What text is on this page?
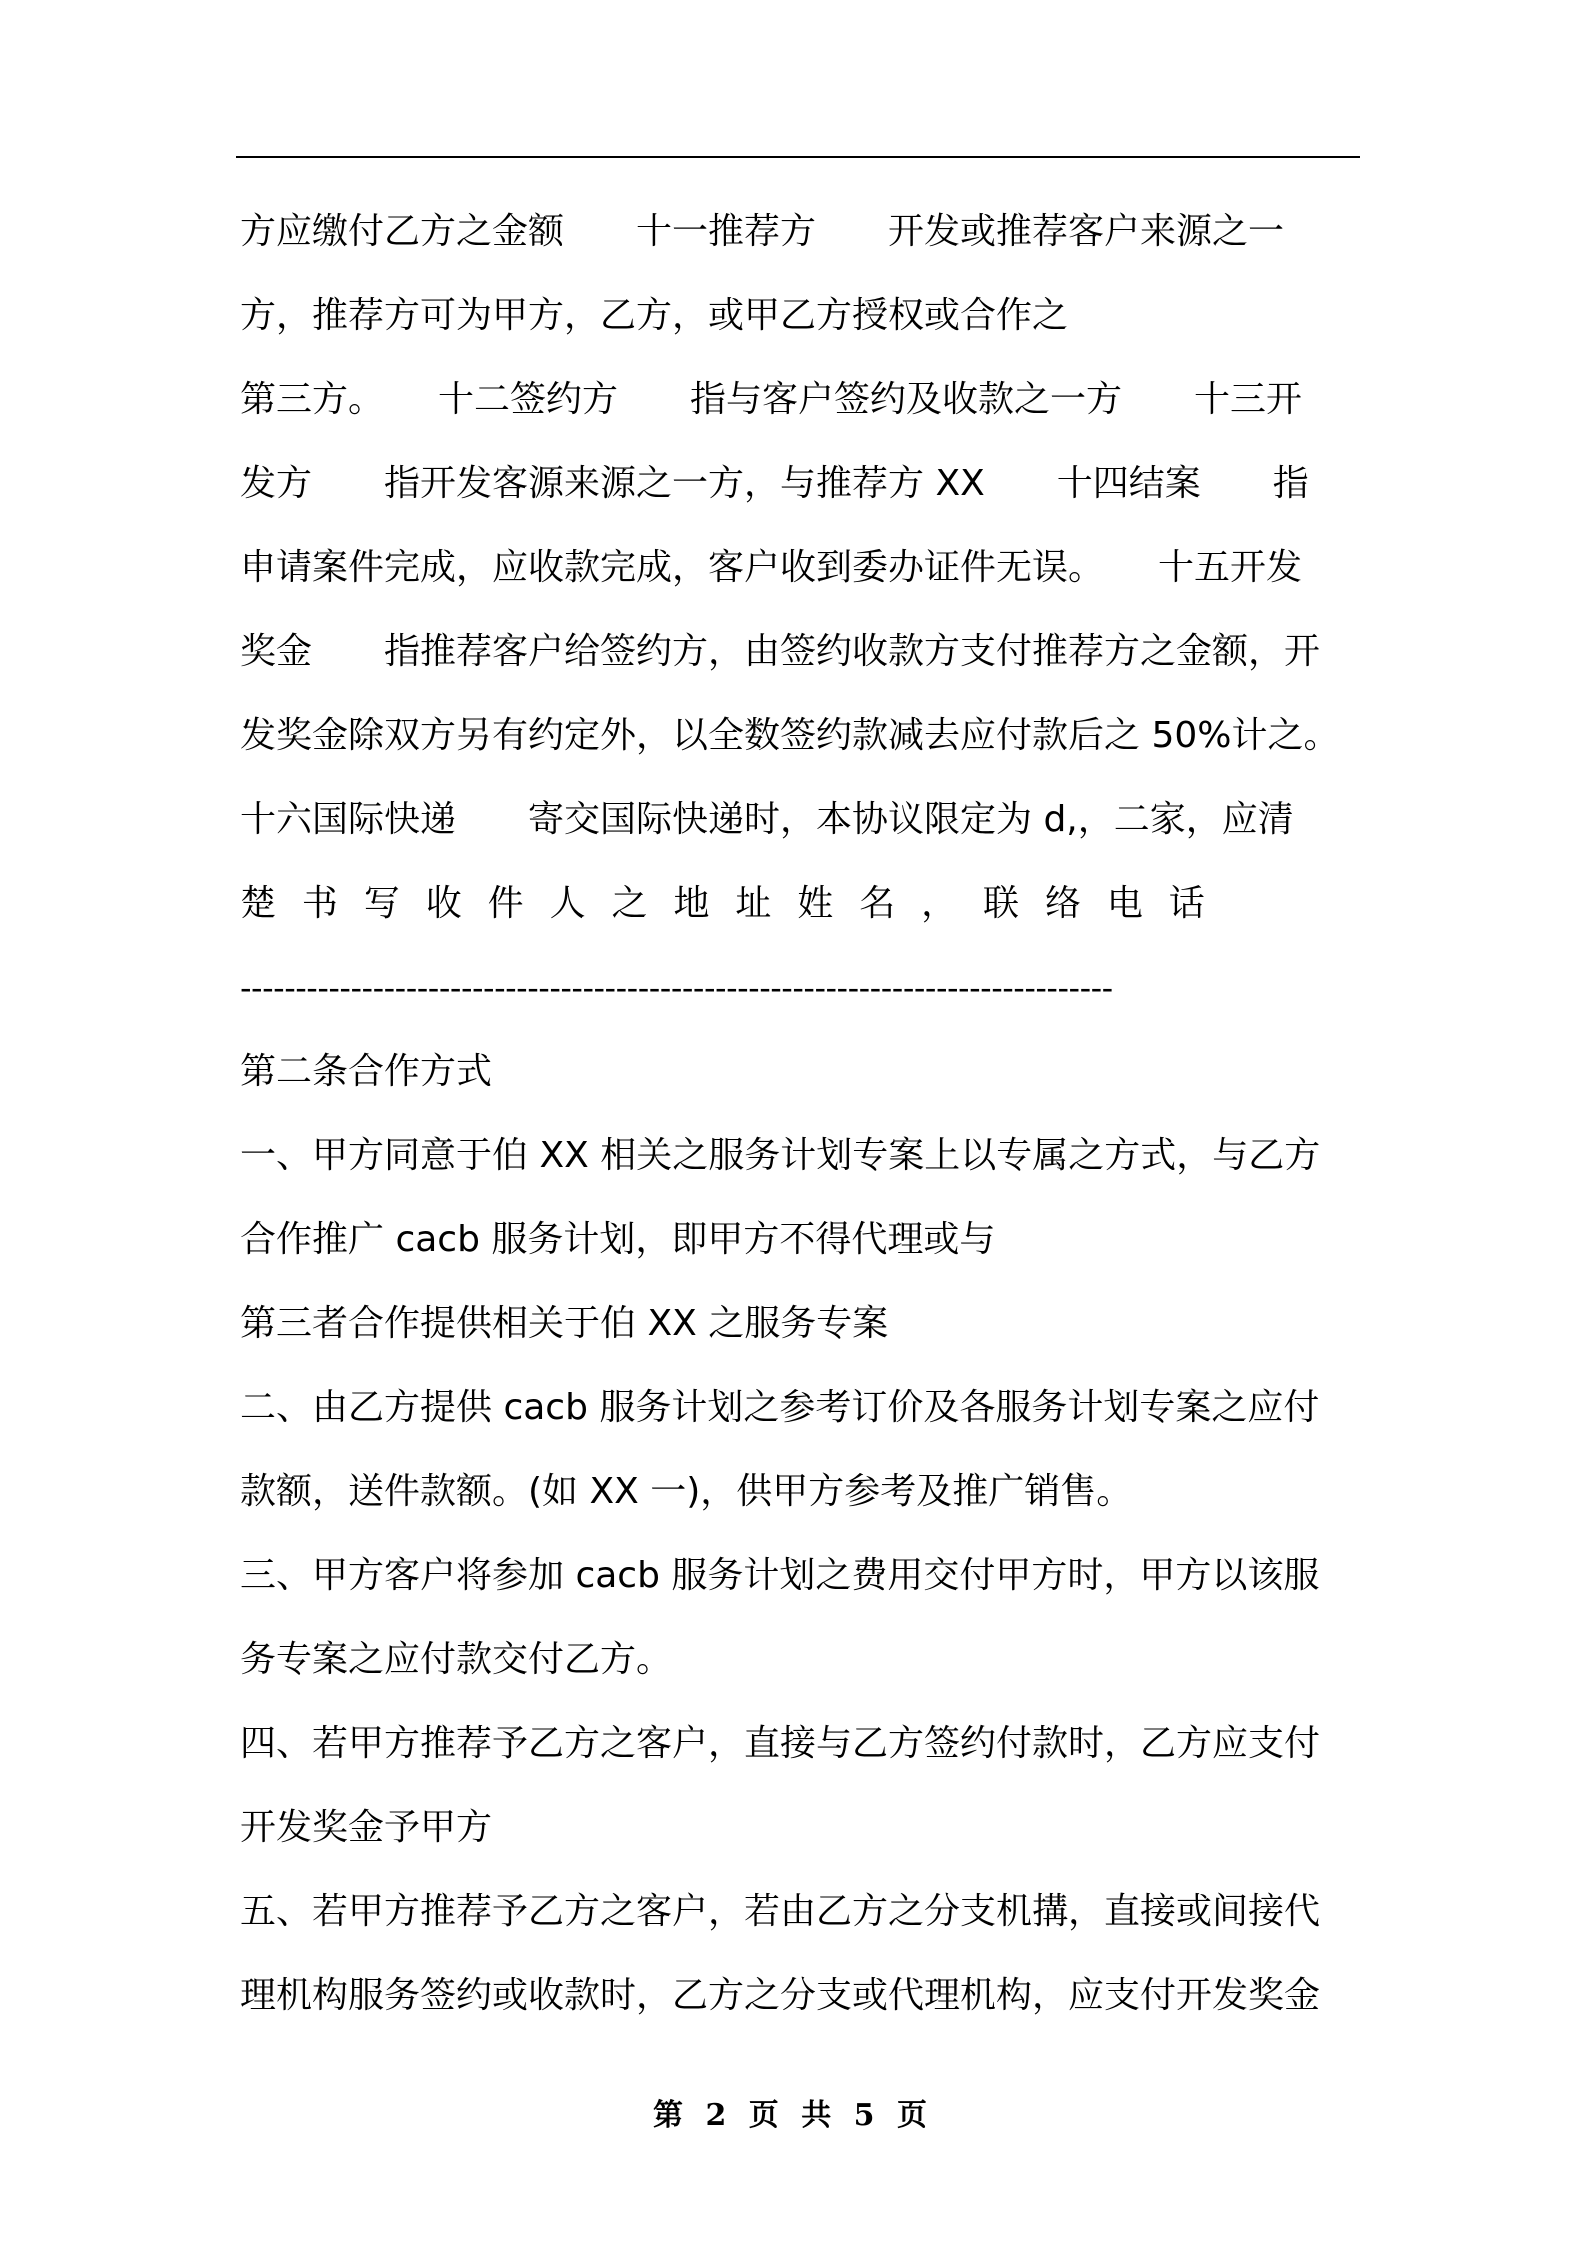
方应缴付乙方之金额　　十一推荐方　　开发或推荐客户来源之一
方，推荐方可为甲方，乙方，或甲乙方授权或合作之
第三方。　　十二签约方　　指与客户签约及收款之一方　　十三开
发方　　指开发客源来源之一方，与推荐方 XX　　十四结案　　指
申请案件完成，应收款完成，客户收到委办证件无误。　　十五开发
奖金　　指推荐客户给签约方，由签约收款方支付推荐方之金额，开
发奖金除双方另有约定外，以全数签约款减去应付款后之 50%计之。
十六国际快递　　寄交国际快递时，本协议限定为 d,，二家，应清
楚书写收件人之地址姓名，联络电话
-------------------------------------------------------------------------------
第二条合作方式
一、甲方同意于伯 XX 相关之服务计划专案上以专属之方式，与乙方
合作推广 cacb 服务计划，即甲方不得代理或与
第三者合作提供相关于伯 XX 之服务专案
二、由乙方提供 cacb 服务计划之参考订价及各服务计划专案之应付
款额，送件款额。(如 XX 一)，供甲方参考及推广销售。
三、甲方客户将参加 cacb 服务计划之费用交付甲方时，甲方以该服
务专案之应付款交付乙方。
四、若甲方推荐予乙方之客户，直接与乙方签约付款时，乙方应支付
开发奖金予甲方
五、若甲方推荐予乙方之客户，若由乙方之分支机搆，直接或间接代
理机构服务签约或收款时，乙方之分支或代理机构，应支付开发奖金
第 2 页 共 5 页
